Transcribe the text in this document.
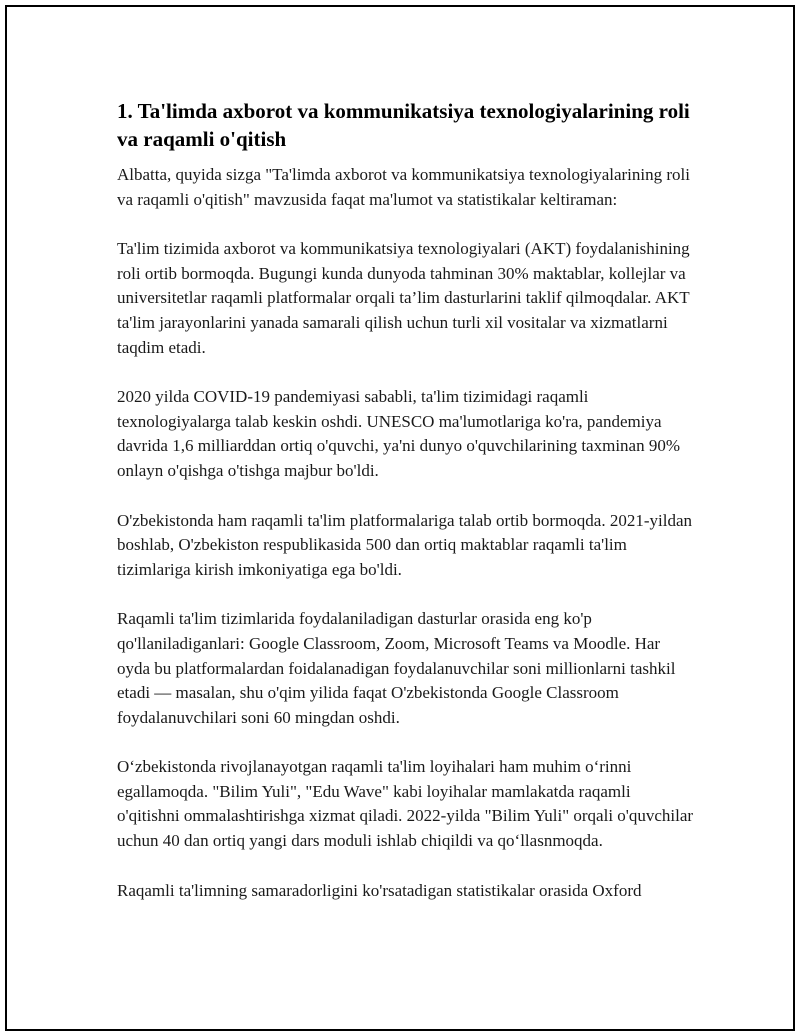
1. Ta'limda axborot va kommunikatsiya texnologiyalarining roli va raqamli o'qitish

Albatta, quyida sizga "Ta'limda axborot va kommunikatsiya texnologiyalarining roli va raqamli o'qitish" mavzusida faqat ma'lumot va statistikalar keltiraman:

Ta'lim tizimida axborot va kommunikatsiya texnologiyalari (AKT) foydalanishining roli ortib bormoqda. Bugungi kunda dunyoda tahminan 30% maktablar, kollejlar va universitetlar raqamli platformalar orqali ta’lim dasturlarini taklif qilmoqdalar. AKT ta'lim jarayonlarini yanada samarali qilish uchun turli xil vositalar va xizmatlarni taqdim etadi.

2020 yilda COVID-19 pandemiyasi sababli, ta'lim tizimidagi raqamli texnologiyalarga talab keskin oshdi. UNESCO ma'lumotlariga ko'ra, pandemiya davrida 1,6 milliarddan ortiq o'quvchi, ya'ni dunyo o'quvchilarining taxminan 90% onlayn o'qishga o'tishga majbur bo'ldi.

O'zbekistonda ham raqamli ta'lim platformalariga talab ortib bormoqda. 2021-yildan boshlab, O'zbekiston respublikasida 500 dan ortiq maktablar raqamli ta'lim tizimlariga kirish imkoniyatiga ega bo'ldi.

Raqamli ta'lim tizimlarida foydalaniladigan dasturlar orasida eng ko'p qo'llaniladiganlari: Google Classroom, Zoom, Microsoft Teams va Moodle. Har oyda bu platformalardan foidalanadigan foydalanuvchilar soni millionlarni tashkil etadi — masalan, shu o'qim yilida faqat O'zbekistonda Google Classroom foydalanuvchilari soni 60 mingdan oshdi.

O‘zbekistonda rivojlanayotgan raqamli ta'lim loyihalari ham muhim o‘rinni egallamoqda. "Bilim Yuli", "Edu Wave" kabi loyihalar mamlakatda raqamli o'qitishni ommalashtirishga xizmat qiladi. 2022-yilda "Bilim Yuli" orqali o'quvchilar uchun 40 dan ortiq yangi dars moduli ishlab chiqildi va qo‘llasnmoqda.

Raqamli ta'limning samaradorligini ko'rsatadigan statistikalar orasida Oxford
